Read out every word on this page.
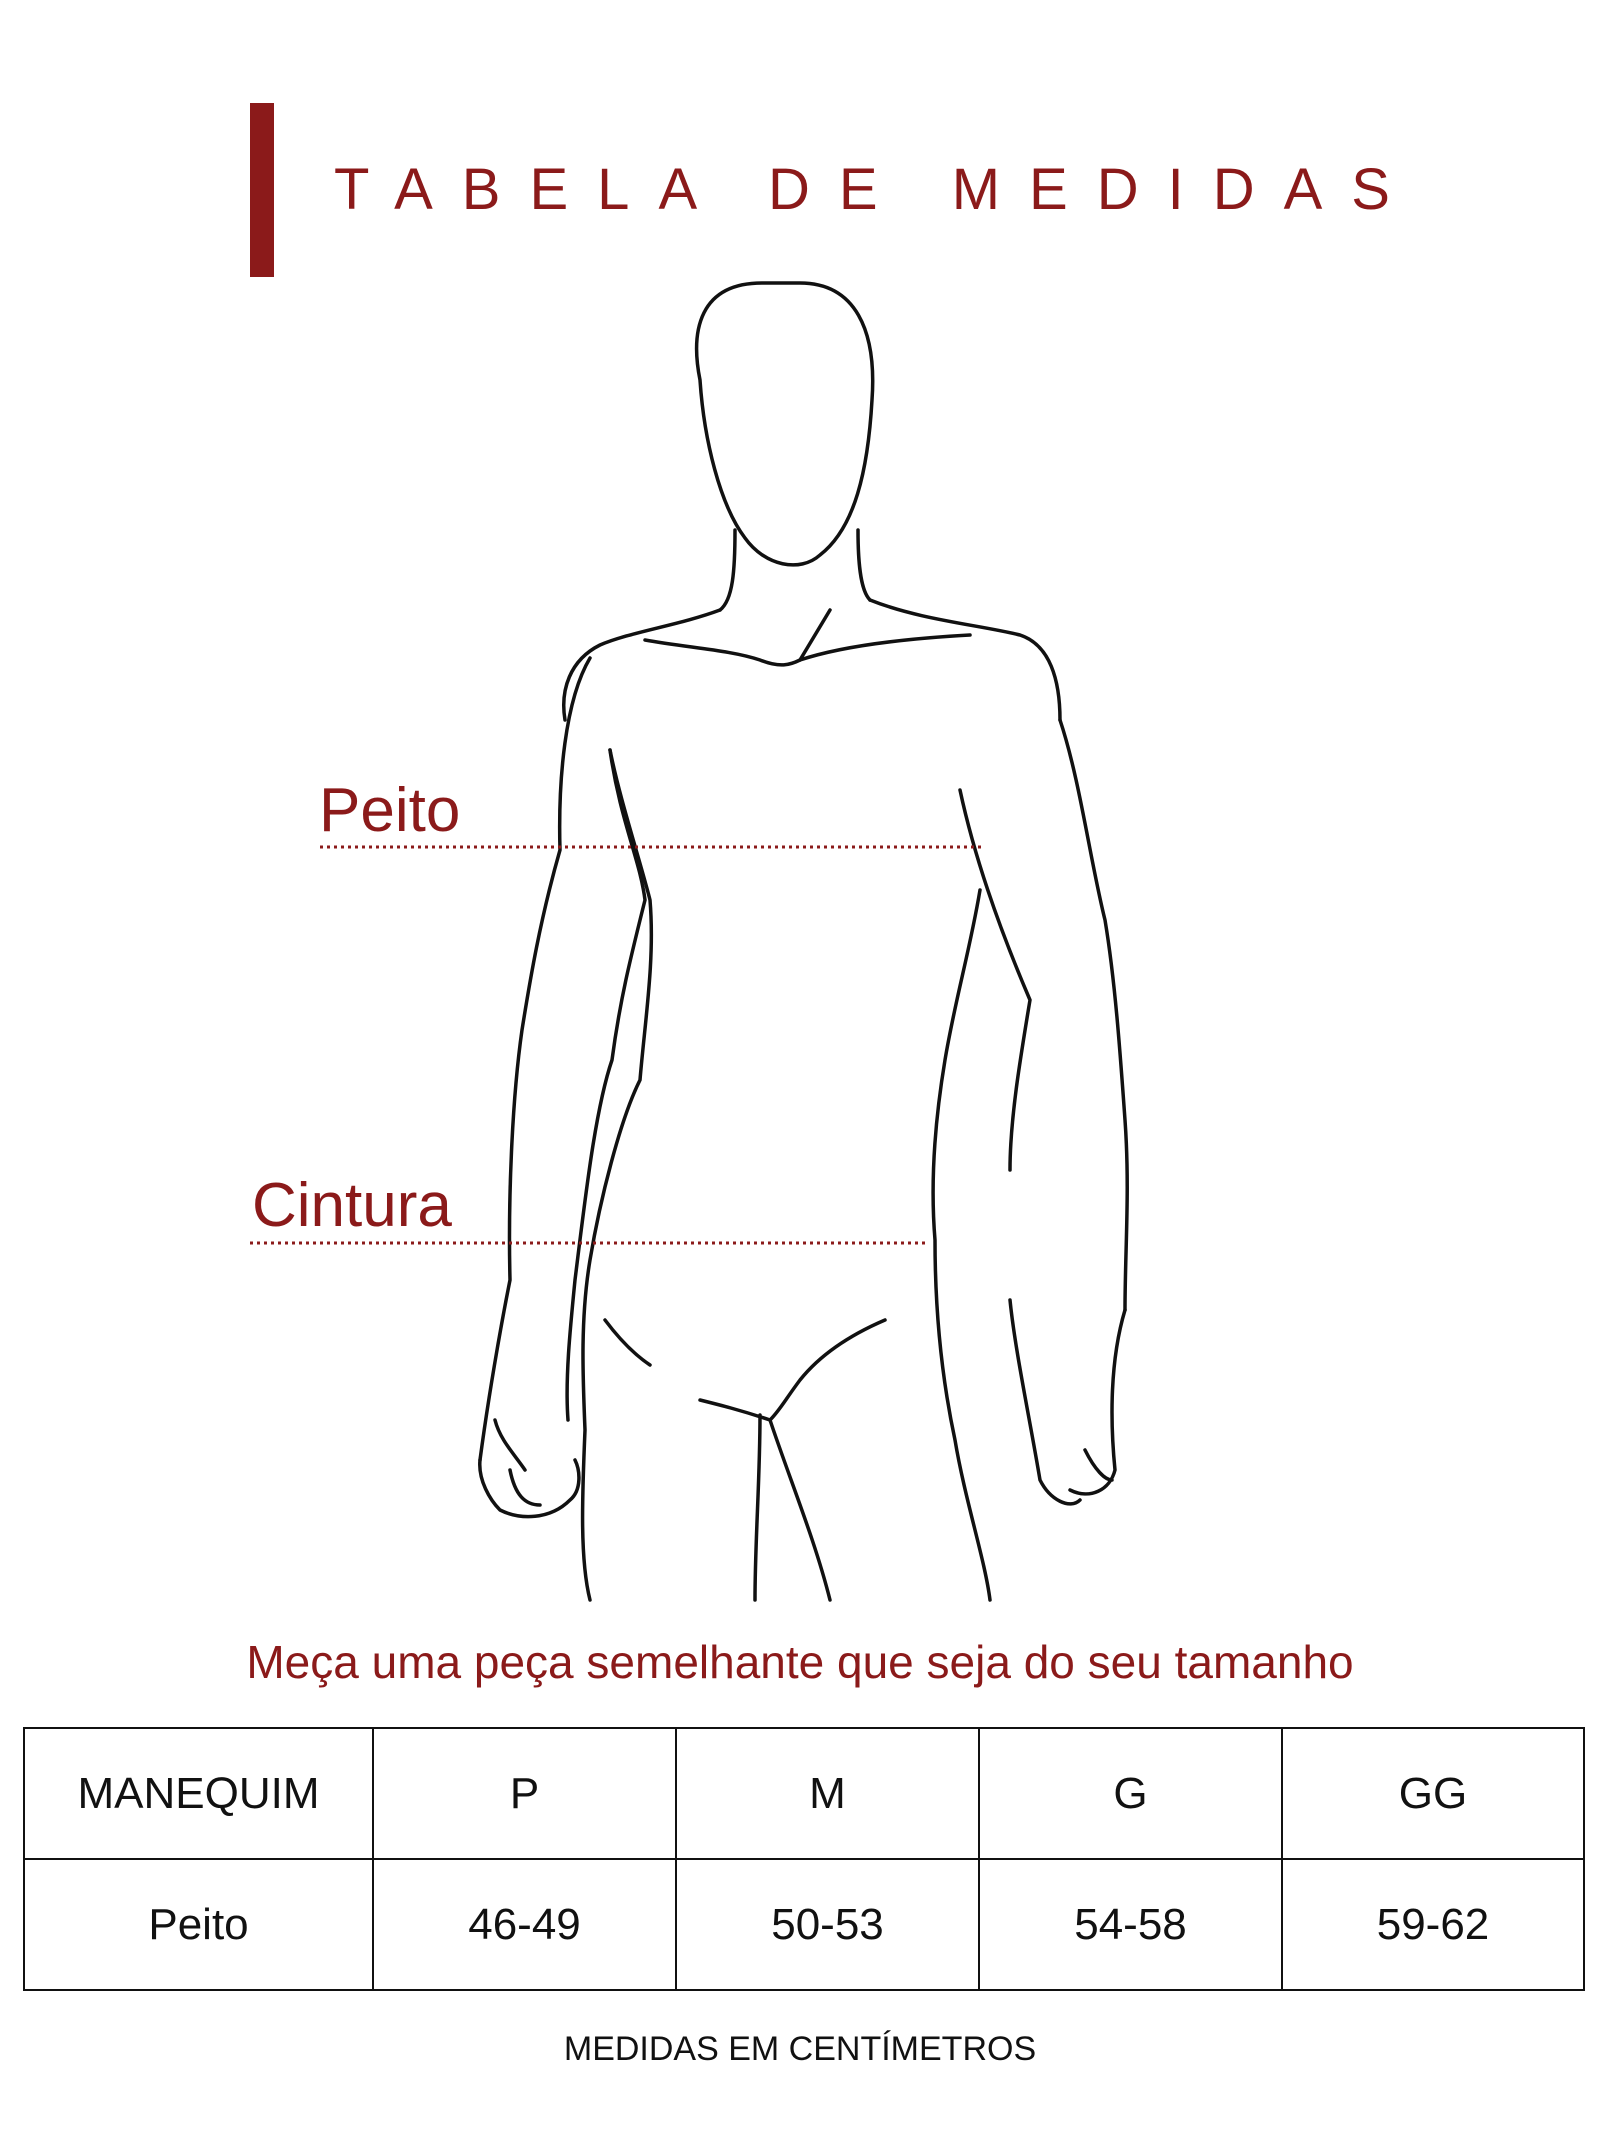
TABELA DE MEDIDAS
Peito
Cintura
Meça uma peça semelhante que seja do seu tamanho
MANEQUIM	P	M	G	GG
Peito	46-49	50-53	54-58	59-62
MEDIDAS EM CENTÍMETROS
